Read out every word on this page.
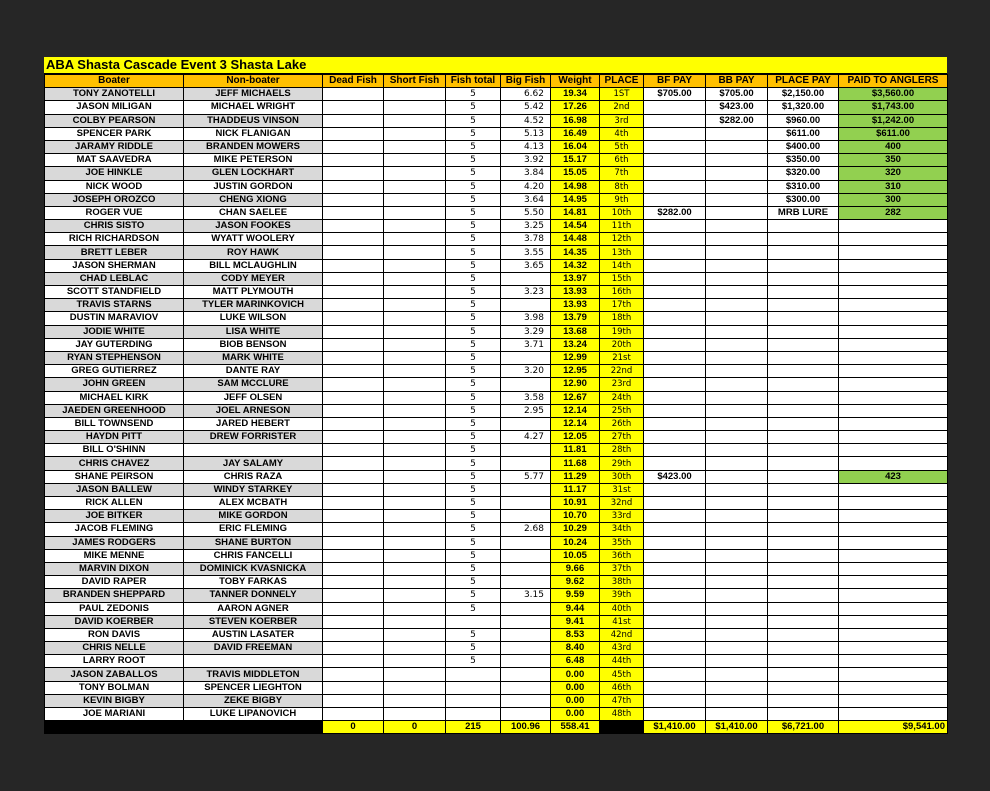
ABA Shasta Cascade Event 3 Shasta Lake
Boater	Non-boater	Dead Fish	Short Fish	Fish total	Big Fish	Weight	PLACE	BF PAY	BB PAY	PLACE PAY	PAID TO ANGLERS
TONY ZANOTELLI	JEFF MICHAELS			5	6.62	19.34	1ST	$705.00	$705.00	$2,150.00	$3,560.00
JASON MILIGAN	MICHAEL WRIGHT			5	5.42	17.26	2nd		$423.00	$1,320.00	$1,743.00
COLBY PEARSON	THADDEUS VINSON			5	4.52	16.98	3rd		$282.00	$960.00	$1,242.00
SPENCER PARK	NICK FLANIGAN			5	5.13	16.49	4th			$611.00	$611.00
JARAMY RIDDLE	BRANDEN MOWERS			5	4.13	16.04	5th			$400.00	400
MAT SAAVEDRA	MIKE PETERSON			5	3.92	15.17	6th			$350.00	350
JOE HINKLE	GLEN LOCKHART			5	3.84	15.05	7th			$320.00	320
NICK WOOD	JUSTIN GORDON			5	4.20	14.98	8th			$310.00	310
JOSEPH OROZCO	CHENG XIONG			5	3.64	14.95	9th			$300.00	300
ROGER VUE	CHAN SAELEE			5	5.50	14.81	10th	$282.00		MRB LURE	282
CHRIS SISTO	JASON FOOKES			5	3.25	14.54	11th				
RICH RICHARDSON	WYATT WOOLERY			5	3.78	14.48	12th				
BRETT LEBER	ROY HAWK			5	3.55	14.35	13th				
JASON SHERMAN	BILL MCLAUGHLIN			5	3.65	14.32	14th				
CHAD LEBLAC	CODY MEYER			5		13.97	15th				
SCOTT STANDFIELD	MATT PLYMOUTH			5	3.23	13.93	16th				
TRAVIS STARNS	TYLER MARINKOVICH			5		13.93	17th				
DUSTIN MARAVIOV	LUKE WILSON			5	3.98	13.79	18th				
JODIE WHITE	LISA WHITE			5	3.29	13.68	19th				
JAY GUTERDING	BIOB BENSON			5	3.71	13.24	20th				
RYAN STEPHENSON	MARK WHITE			5		12.99	21st				
GREG GUTIERREZ	DANTE RAY			5	3.20	12.95	22nd				
JOHN GREEN	SAM MCCLURE			5		12.90	23rd				
MICHAEL KIRK	JEFF OLSEN			5	3.58	12.67	24th				
JAEDEN GREENHOOD	JOEL ARNESON			5	2.95	12.14	25th				
BILL TOWNSEND	JARED HEBERT			5		12.14	26th				
HAYDN PITT	DREW FORRISTER			5	4.27	12.05	27th				
BILL O'SHINN				5		11.81	28th				
CHRIS CHAVEZ	JAY SALAMY			5		11.68	29th				
SHANE PEIRSON	CHRIS RAZA			5	5.77	11.29	30th	$423.00			423
JASON BALLEW	WINDY STARKEY			5		11.17	31st				
RICK ALLEN	ALEX MCBATH			5		10.91	32nd				
JOE BITKER	MIKE GORDON			5		10.70	33rd				
JACOB FLEMING	ERIC FLEMING			5	2.68	10.29	34th				
JAMES RODGERS	SHANE BURTON			5		10.24	35th				
MIKE MENNE	CHRIS FANCELLI			5		10.05	36th				
MARVIN DIXON	DOMINICK KVASNICKA			5		9.66	37th				
DAVID RAPER	TOBY FARKAS			5		9.62	38th				
BRANDEN SHEPPARD	TANNER DONNELY			5	3.15	9.59	39th				
PAUL ZEDONIS	AARON AGNER			5		9.44	40th				
DAVID KOERBER	STEVEN KOERBER					9.41	41st				
RON DAVIS	AUSTIN LASATER			5		8.53	42nd				
CHRIS NELLE	DAVID FREEMAN			5		8.40	43rd				
LARRY ROOT				5		6.48	44th				
JASON ZABALLOS	TRAVIS MIDDLETON					0.00	45th				
TONY BOLMAN	SPENCER LIEGHTON					0.00	46th				
KEVIN BIGBY	ZEKE BIGBY					0.00	47th				
JOE MARIANI	LUKE LIPANOVICH					0.00	48th				
		0	0	215	100.96	558.41		$1,410.00	$1,410.00	$6,721.00	$9,541.00
